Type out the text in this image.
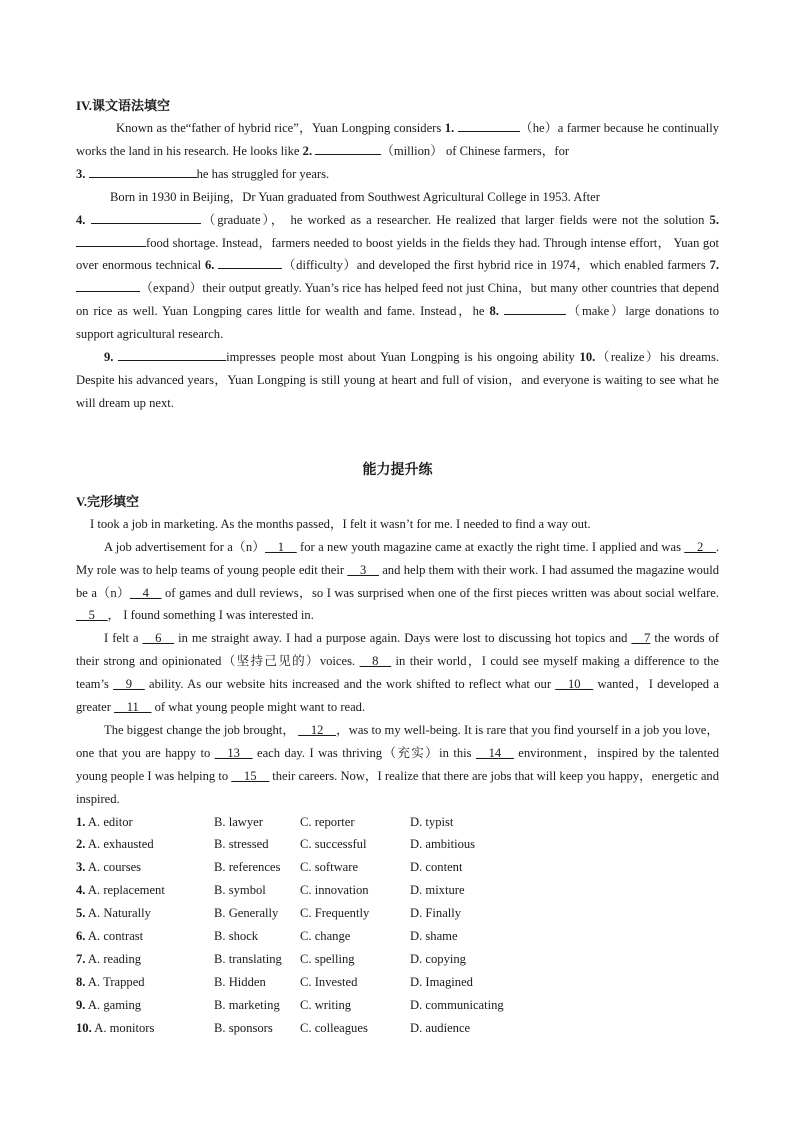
IV.课文语法填空

Known as the“father of hybrid rice”，Yuan Longping considers 1.	（he）a farmer because he continually works the land in his research. He looks like 2.	（million） of Chinese farmers，for
3.	he has struggled for years.

Born in 1930 in Beijing，Dr Yuan graduated from Southwest Agricultural College in 1953. After
4.	（graduate）， he worked as a researcher. He realized that larger fields were not the solution 5. food shortage. Instead，farmers needed to boost yields in the fields they had. Through intense effort， Yuan got over enormous technical 6.	（difficulty）and developed the first hybrid rice in 1974，which enabled farmers 7. （expand）their output greatly. Yuan’s rice has helped feed not just China，but many other countries that depend on rice as well. Yuan Longping cares little for wealth and fame. Instead，he 8.	（make）large donations to support agricultural research.

9.	impresses people most about Yuan Longping is his ongoing ability 10.（realize）his dreams. Despite his advanced years，Yuan Longping is still young at heart and full of vision，and everyone is waiting to see what he will dream up next.

能力提升练

V.完形填空

I took a job in marketing. As the months passed，I felt it wasn’t for me. I needed to find a way out.

A job advertisement for a（n）__1__ for a new youth magazine came at exactly the right time. I applied and was __2__. My role was to help teams of young people edit their __3__ and help them with their work. I had assumed the magazine would be a（n）__4__ of games and dull reviews，so I was surprised when one of the first pieces written was about social welfare. __5__， I found something I was interested in.

I felt a __6__ in me straight away. I had a purpose again. Days were lost to discussing hot topics and __7 the words of their strong and opinionated（坚持己见的）voices. __8__ in their world，I could see myself making a difference to the team’s __9__ ability. As our website hits increased and the work shifted to reflect what our __10__ wanted，I developed a greater __11__ of what young people might want to read.

The biggest change the job brought， __12__，was to my well-being. It is rare that you find yourself in a job you love，one that you are happy to __13__ each day. I was thriving（充实）in this __14__ environment，inspired by the talented young people I was helping to __15__ their careers. Now，I realize that there are jobs that will keep you happy，energetic and inspired.

1. A. editor	B. lawyer	C. reporter	D. typist
2. A. exhausted	B. stressed	C. successful	D. ambitious
3. A. courses	B. references	C. software	D. content
4. A. replacement	B. symbol	C. innovation	D. mixture
5. A. Naturally	B. Generally	C. Frequently	D. Finally
6. A. contrast	B. shock	C. change	D. shame
7. A. reading	B. translating	C. spelling	D. copying
8. A. Trapped	B. Hidden	C. Invested	D. Imagined
9. A. gaming	B. marketing	C. writing	D. communicating
10. A. monitors	B. sponsors	C. colleagues	D. audience
